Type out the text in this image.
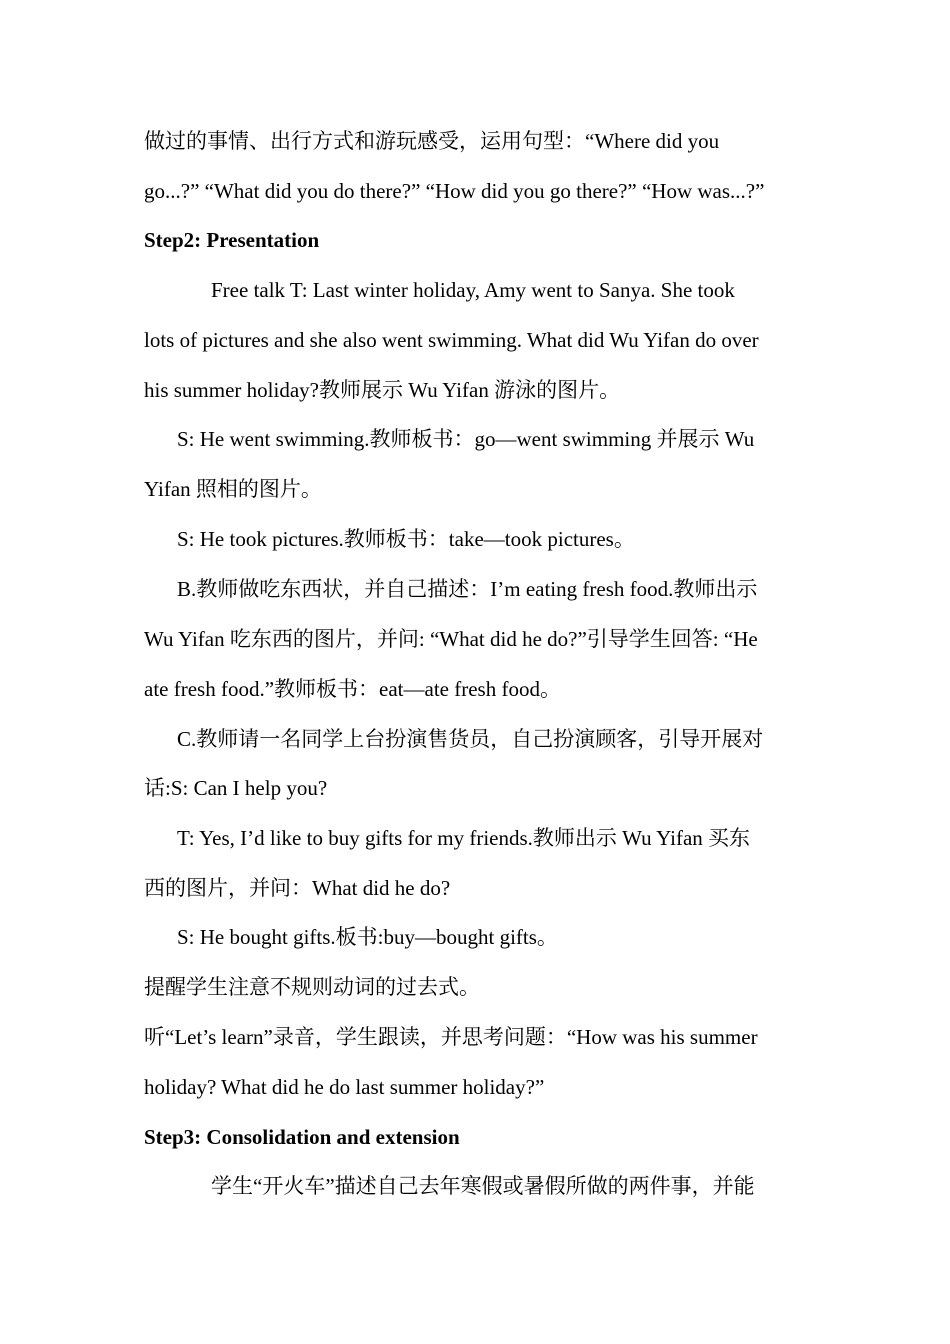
做过的事情、出行方式和游玩感受，运用句型：“Where did you
go...?” “What did you do there?” “How did you go there?” “How was...?”
Step2: Presentation
Free talk T: Last winter holiday, Amy went to Sanya. She took
lots of pictures and she also went swimming. What did Wu Yifan do over
his summer holiday?教师展示 Wu Yifan 游泳的图片。
S: He went swimming.教师板书：go—went swimming 并展示 Wu
Yifan 照相的图片。
S: He took pictures.教师板书：take—took pictures。
B.教师做吃东西状，并自己描述：I’m eating fresh food.教师出示
Wu Yifan 吃东西的图片，并问: “What did he do?”引导学生回答: “He
ate fresh food.”教师板书：eat—ate fresh food。
C.教师请一名同学上台扮演售货员，自己扮演顾客，引导开展对
话:S: Can I help you?
T: Yes, I’d like to buy gifts for my friends.教师出示 Wu Yifan 买东
西的图片，并问：What did he do?
S: He bought gifts.板书:buy—bought gifts。
提醒学生注意不规则动词的过去式。
听“Let’s learn”录音，学生跟读，并思考问题：“How was his summer
holiday? What did he do last summer holiday?”
Step3: Consolidation and extension
学生“开火车”描述自己去年寒假或暑假所做的两件事，并能
